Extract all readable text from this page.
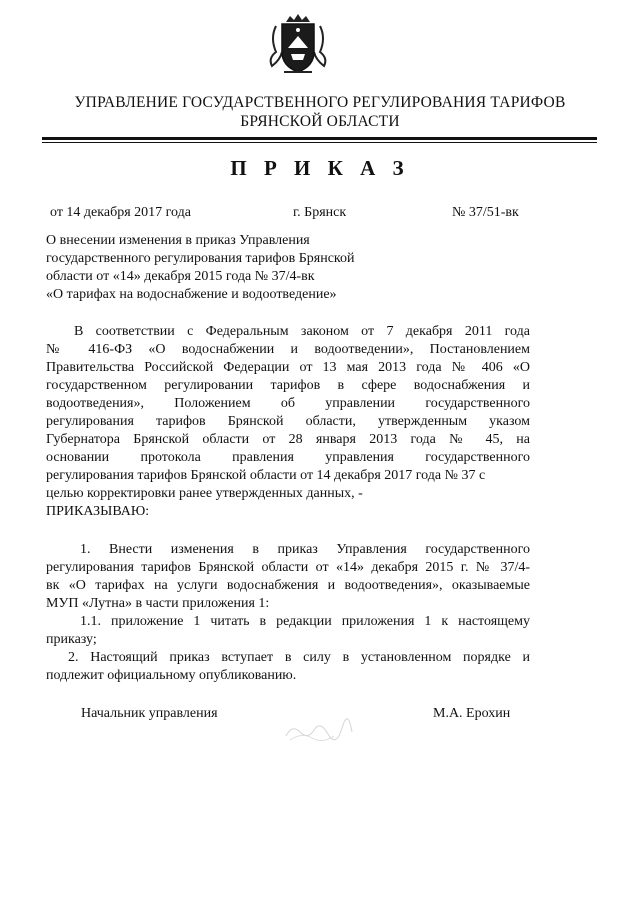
УПРАВЛЕНИЕ ГОСУДАРСТВЕННОГО РЕГУЛИРОВАНИЯ ТАРИФОВ
БРЯНСКОЙ ОБЛАСТИ
П Р И К А З
от 14 декабря 2017 года	г. Брянск	№ 37/51-вк
О внесении изменения в приказ Управления
государственного регулирования тарифов Брянской
области от «14» декабря 2015 года № 37/4-вк
«О тарифах на водоснабжение и водоотведение»
В соответствии с Федеральным законом от 7 декабря 2011 года
№ 416-ФЗ «О водоснабжении и водоотведении», Постановлением
Правительства Российской Федерации от 13 мая 2013 года № 406 «О
государственном регулировании тарифов в сфере водоснабжения и
водоотведения», Положением об управлении государственного
регулирования тарифов Брянской области, утвержденным указом
Губернатора Брянской области от 28 января 2013 года № 45, на
основании протокола правления управления государственного
регулирования тарифов Брянской области от 14 декабря 2017 года № 37 с
целью корректировки ранее утвержденных данных, -
ПРИКАЗЫВАЮ:
1. Внести изменения в приказ Управления государственного
регулирования тарифов Брянской области от «14» декабря 2015 г. № 37/4-
вк «О тарифах на услуги водоснабжения и водоотведения», оказываемые
МУП «Лутна» в части приложения 1:
1.1. приложение 1 читать в редакции приложения 1 к настоящему
приказу;
2. Настоящий приказ вступает в силу в установленном порядке и
подлежит официальному опубликованию.
Начальник управления	М.А. Ерохин
